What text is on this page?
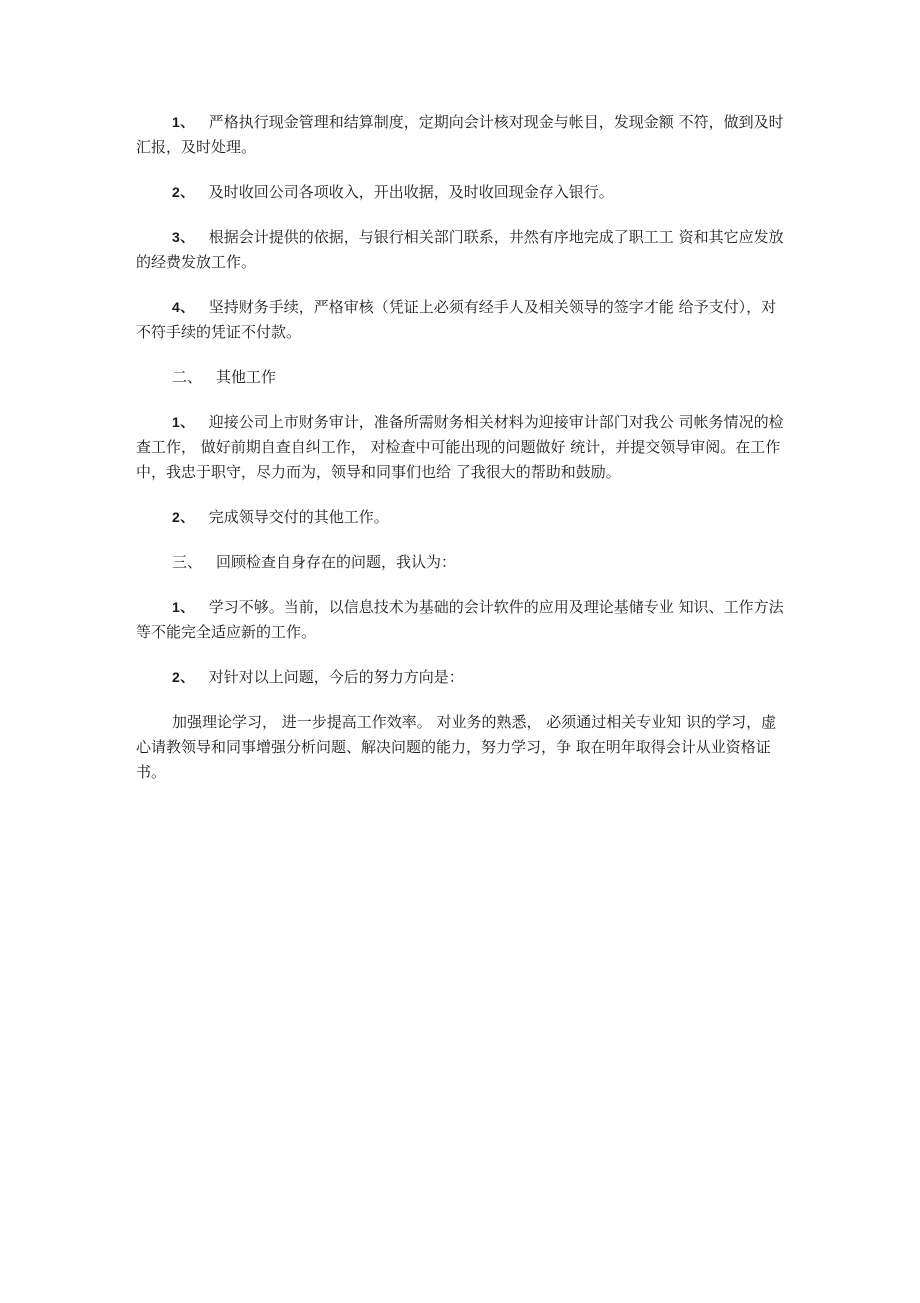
1、 严格执行现金管理和结算制度，定期向会计核对现金与帐目，发现金额 不符，做到及时汇报，及时处理。

2、 及时收回公司各项收入，开出收据，及时收回现金存入银行。

3、 根据会计提供的依据，与银行相关部门联系，井然有序地完成了职工工 资和其它应发放的经费发放工作。

4、 坚持财务手续，严格审核（凭证上必须有经手人及相关领导的签字才能 给予支付），对不符手续的凭证不付款。

二、 其他工作

1、 迎接公司上市财务审计，准备所需财务相关材料为迎接审计部门对我公 司帐务情况的检查工作， 做好前期自查自纠工作， 对检查中可能出现的问题做好 统计，并提交领导审阅。在工作中，我忠于职守，尽力而为，领导和同事们也给 了我很大的帮助和鼓励。

2、 完成领导交付的其他工作。

三、 回顾检查自身存在的问题，我认为：

1、 学习不够。当前，以信息技术为基础的会计软件的应用及理论基储专业 知识、工作方法等不能完全适应新的工作。

2、 对针对以上问题，今后的努力方向是：

加强理论学习， 进一步提高工作效率。 对业务的熟悉， 必须通过相关专业知 识的学习，虚心请教领导和同事增强分析问题、解决问题的能力，努力学习，争 取在明年取得会计从业资格证书。
